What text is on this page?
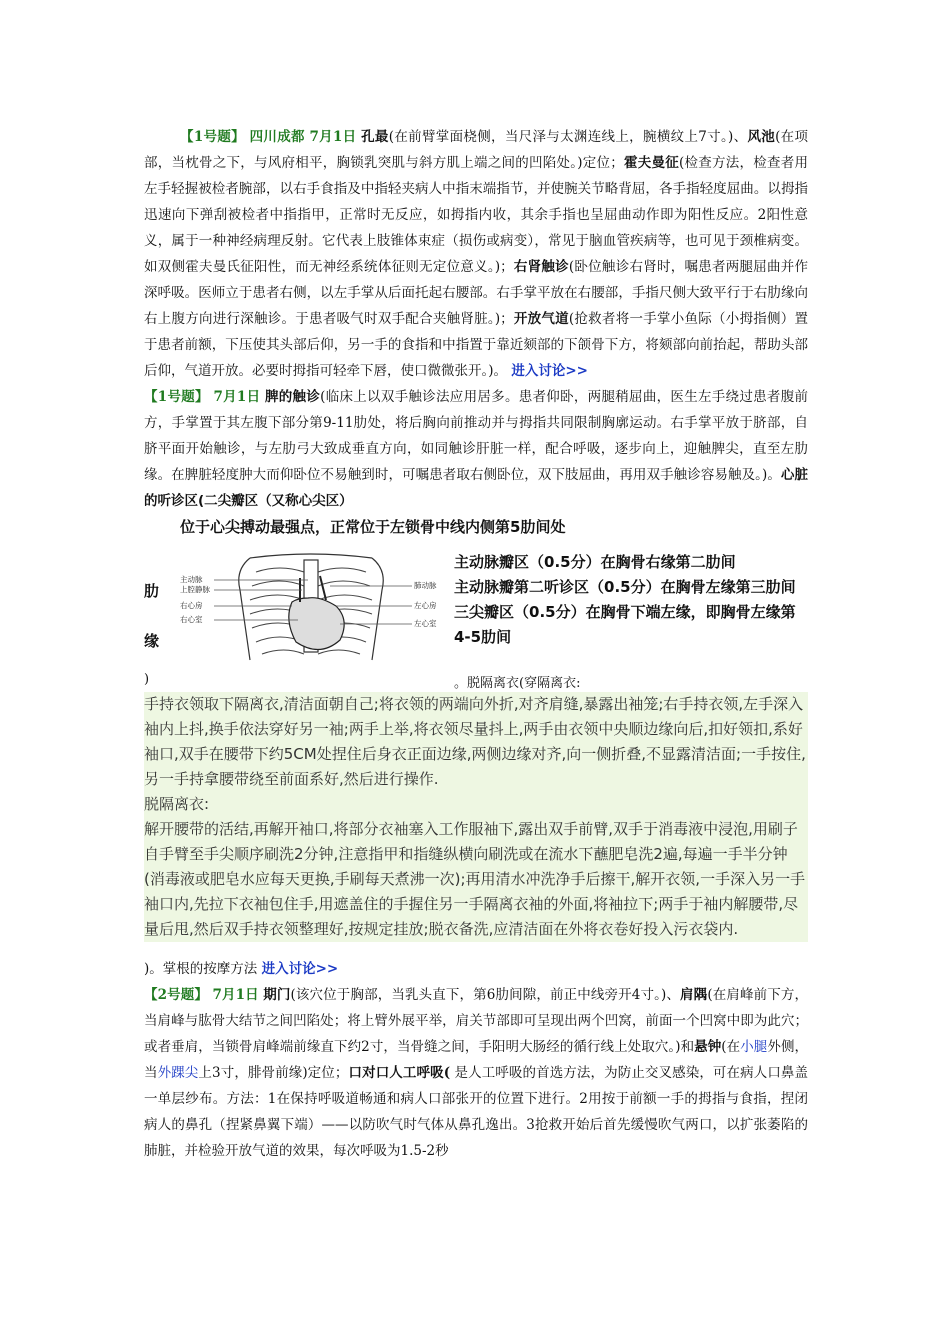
【1号题】 四川成都 7月1日 孔最(在前臂掌面桡侧，当尺泽与太渊连线上，腕横纹上7寸。)、风池(在项部，当枕骨之下，与风府相平，胸锁乳突肌与斜方肌上端之间的凹陷处。)定位；霍夫曼征(检查方法，检查者用左手轻握被检者腕部，以右手食指及中指轻夹病人中指末端指节，并使腕关节略背屈，各手指轻度屈曲。以拇指迅速向下弹刮被检者中指指甲，正常时无反应，如拇指内收，其余手指也呈屈曲动作即为阳性反应。2阳性意义，属于一种神经病理反射。它代表上肢锥体束症（损伤或病变），常见于脑血管疾病等，也可见于颈椎病变。如双侧霍夫曼氏征阳性，而无神经系统体征则无定位意义。)；右肾触诊(卧位触诊右肾时，嘱患者两腿屈曲并作深呼吸。医师立于患者右侧，以左手掌从后面托起右腰部。右手掌平放在右腰部，手指尺侧大致平行于右肋缘向右上腹方向进行深触诊。于患者吸气时双手配合夹触肾脏。)；开放气道(抢救者将一手掌小鱼际（小拇指侧）置于患者前额，下压使其头部后仰，另一手的食指和中指置于靠近颏部的下颌骨下方，将颏部向前抬起，帮助头部后仰，气道开放。必要时拇指可轻牵下唇，使口微微张开。)。 进入讨论>>

【1号题】 7月1日 脾的触诊(临床上以双手触诊法应用居多。患者仰卧，两腿稍屈曲，医生左手绕过患者腹前方，手掌置于其左腹下部分第9-11肋处，将后胸向前推动并与拇指共同限制胸廓运动。右手掌平放于脐部，自脐平面开始触诊，与左肋弓大致成垂直方向，如同触诊肝脏一样，配合呼吸，逐步向上，迎触脾尖，直至左肋缘。在脾脏轻度肿大而仰卧位不易触到时，可嘱患者取右侧卧位，双下肢屈曲，再用双手触诊容易触及。)。心脏的听诊区(二尖瓣区（又称心尖区）

位于心尖搏动最强点，正常位于左锁骨中线内侧第5肋间处

肋
缘
主动脉
上腔静脉
右心房
右心室
肺动脉
左心房
左心室
主动脉瓣区（0.5分）在胸骨右缘第二肋间
主动脉瓣第二听诊区（0.5分）在胸骨左缘第三肋间
三尖瓣区（0.5分）在胸骨下端左缘，即胸骨左缘第4-5肋间
)	。脱隔离衣(穿隔离衣:

手持衣领取下隔离衣,清洁面朝自己;将衣领的两端向外折,对齐肩缝,暴露出袖笼;右手持衣领,左手深入袖内上抖,换手依法穿好另一袖;两手上举,将衣领尽量抖上,两手由衣领中央顺边缘向后,扣好领扣,系好袖口,双手在腰带下约5CM处捏住后身衣正面边缘,两侧边缘对齐,向一侧折叠,不显露清洁面;一手按住,另一手持拿腰带绕至前面系好,然后进行操作.

脱隔离衣:

解开腰带的活结,再解开袖口,将部分衣袖塞入工作服袖下,露出双手前臂,双手于消毒液中浸泡,用刷子自手臂至手尖顺序刷洗2分钟,注意指甲和指缝纵横向刷洗或在流水下蘸肥皂洗2遍,每遍一手半分钟(消毒液或肥皂水应每天更换,手刷每天煮沸一次);再用清水冲洗净手后擦干,解开衣领,一手深入另一手袖口内,先拉下衣袖包住手,用遮盖住的手握住另一手隔离衣袖的外面,将袖拉下;两手于袖内解腰带,尽量后甩,然后双手持衣领整理好,按规定挂放;脱衣备洗,应清洁面在外将衣卷好投入污衣袋内.

)。掌根的按摩方法 进入讨论>>

【2号题】 7月1日 期门(该穴位于胸部，当乳头直下，第6肋间隙，前正中线旁开4寸。)、肩隅(在肩峰前下方，当肩峰与肱骨大结节之间凹陷处；将上臂外展平举，肩关节部即可呈现出两个凹窝，前面一个凹窝中即为此穴；或者垂肩，当锁骨肩峰端前缘直下约2寸，当骨缝之间，手阳明大肠经的循行线上处取穴。)和悬钟(在小腿外侧，当外踝尖上3寸，腓骨前缘)定位；口对口人工呼吸( 是人工呼吸的首选方法，为防止交叉感染，可在病人口鼻盖一单层纱布。方法：1在保持呼吸道畅通和病人口部张开的位置下进行。2用按于前额一手的拇指与食指，捏闭病人的鼻孔（捏紧鼻翼下端）——以防吹气时气体从鼻孔逸出。3抢救开始后首先缓慢吹气两口，以扩张萎陷的肺脏，并检验开放气道的效果，每次呼吸为1.5-2秒
